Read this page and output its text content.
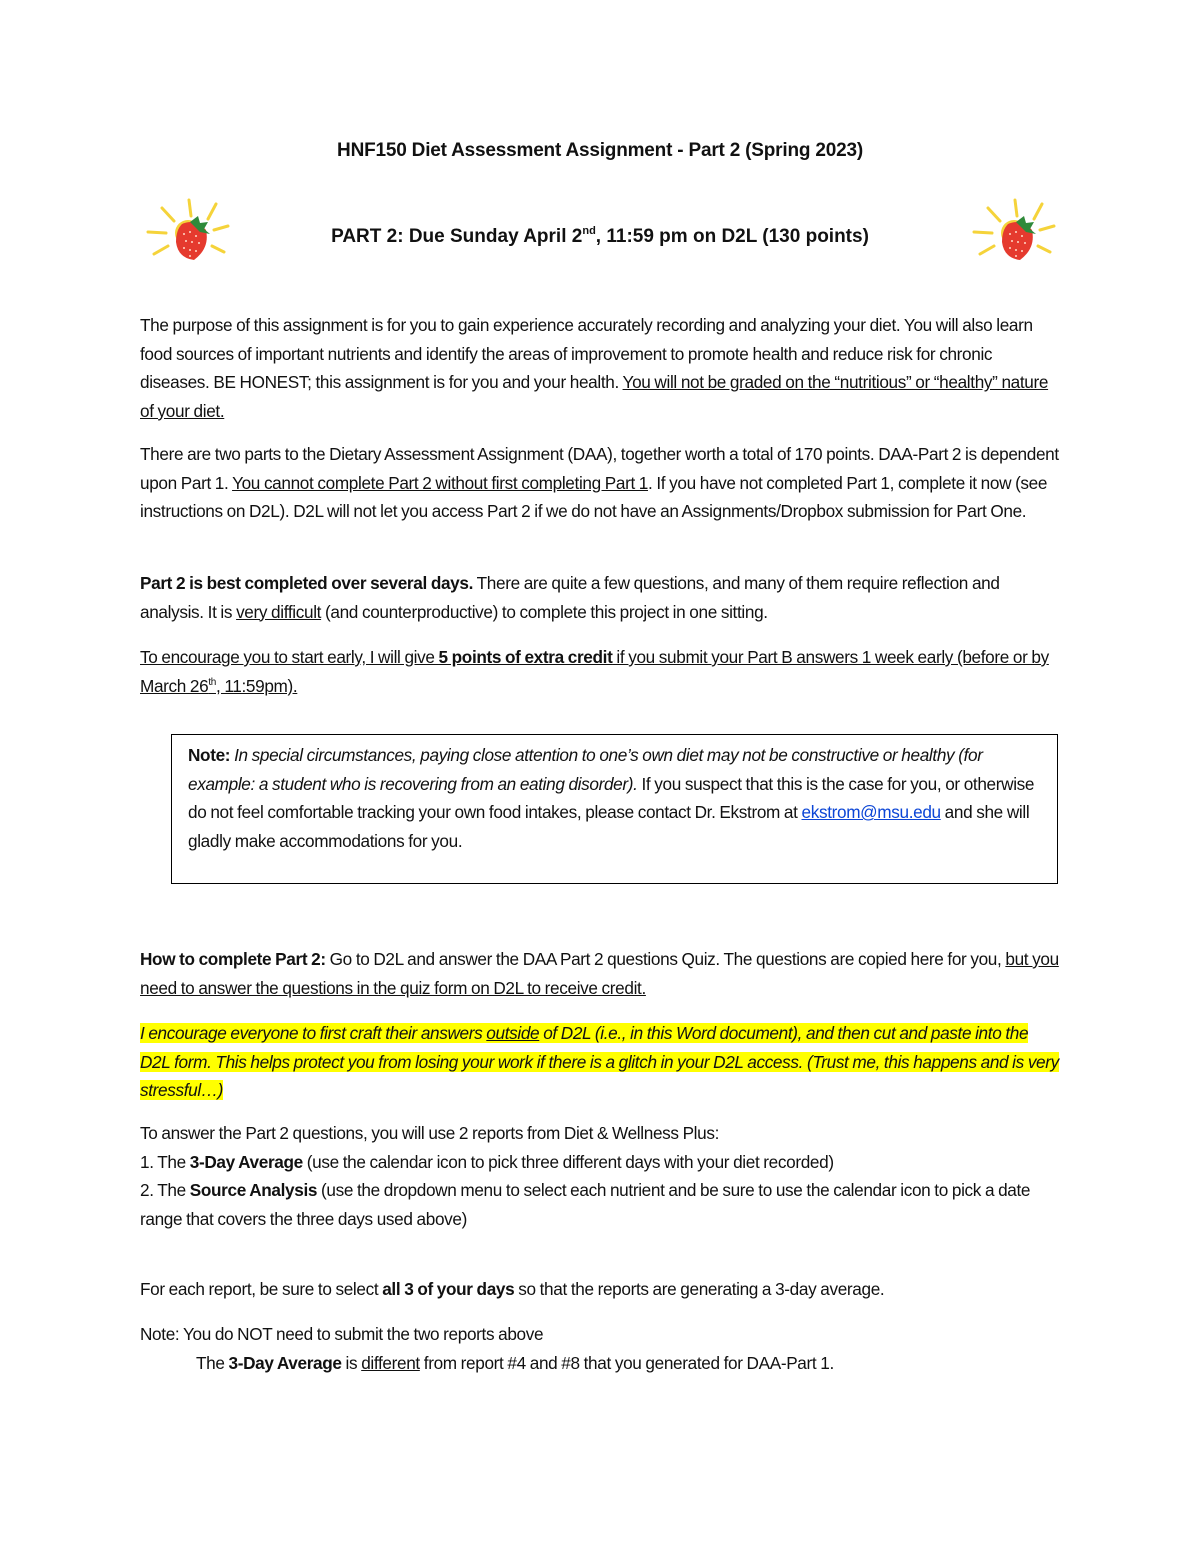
HNF150 Diet Assessment Assignment - Part 2 (Spring 2023)
PART 2: Due Sunday April 2nd, 11:59 pm on D2L (130 points)
The purpose of this assignment is for you to gain experience accurately recording and analyzing your diet. You will also learn food sources of important nutrients and identify the areas of improvement to promote health and reduce risk for chronic diseases. BE HONEST; this assignment is for you and your health. You will not be graded on the “nutritious” or “healthy” nature of your diet.
There are two parts to the Dietary Assessment Assignment (DAA), together worth a total of 170 points. DAA-Part 2 is dependent upon Part 1. You cannot complete Part 2 without first completing Part 1. If you have not completed Part 1, complete it now (see instructions on D2L). D2L will not let you access Part 2 if we do not have an Assignments/Dropbox submission for Part One.
Part 2 is best completed over several days. There are quite a few questions, and many of them require reflection and analysis. It is very difficult (and counterproductive) to complete this project in one sitting.
To encourage you to start early, I will give 5 points of extra credit if you submit your Part B answers 1 week early (before or by March 26th, 11:59pm).
Note: In special circumstances, paying close attention to one’s own diet may not be constructive or healthy (for example: a student who is recovering from an eating disorder). If you suspect that this is the case for you, or otherwise do not feel comfortable tracking your own food intakes, please contact Dr. Ekstrom at ekstrom@msu.edu and she will gladly make accommodations for you.
How to complete Part 2: Go to D2L and answer the DAA Part 2 questions Quiz. The questions are copied here for you, but you need to answer the questions in the quiz form on D2L to receive credit.
I encourage everyone to first craft their answers outside of D2L (i.e., in this Word document), and then cut and paste into the D2L form. This helps protect you from losing your work if there is a glitch in your D2L access. (Trust me, this happens and is very stressful…)
To answer the Part 2 questions, you will use 2 reports from Diet & Wellness Plus:
1. The 3-Day Average (use the calendar icon to pick three different days with your diet recorded)
2. The Source Analysis (use the dropdown menu to select each nutrient and be sure to use the calendar icon to pick a date range that covers the three days used above)
For each report, be sure to select all 3 of your days so that the reports are generating a 3-day average.
Note: You do NOT need to submit the two reports above
The 3-Day Average is different from report #4 and #8 that you generated for DAA-Part 1.
